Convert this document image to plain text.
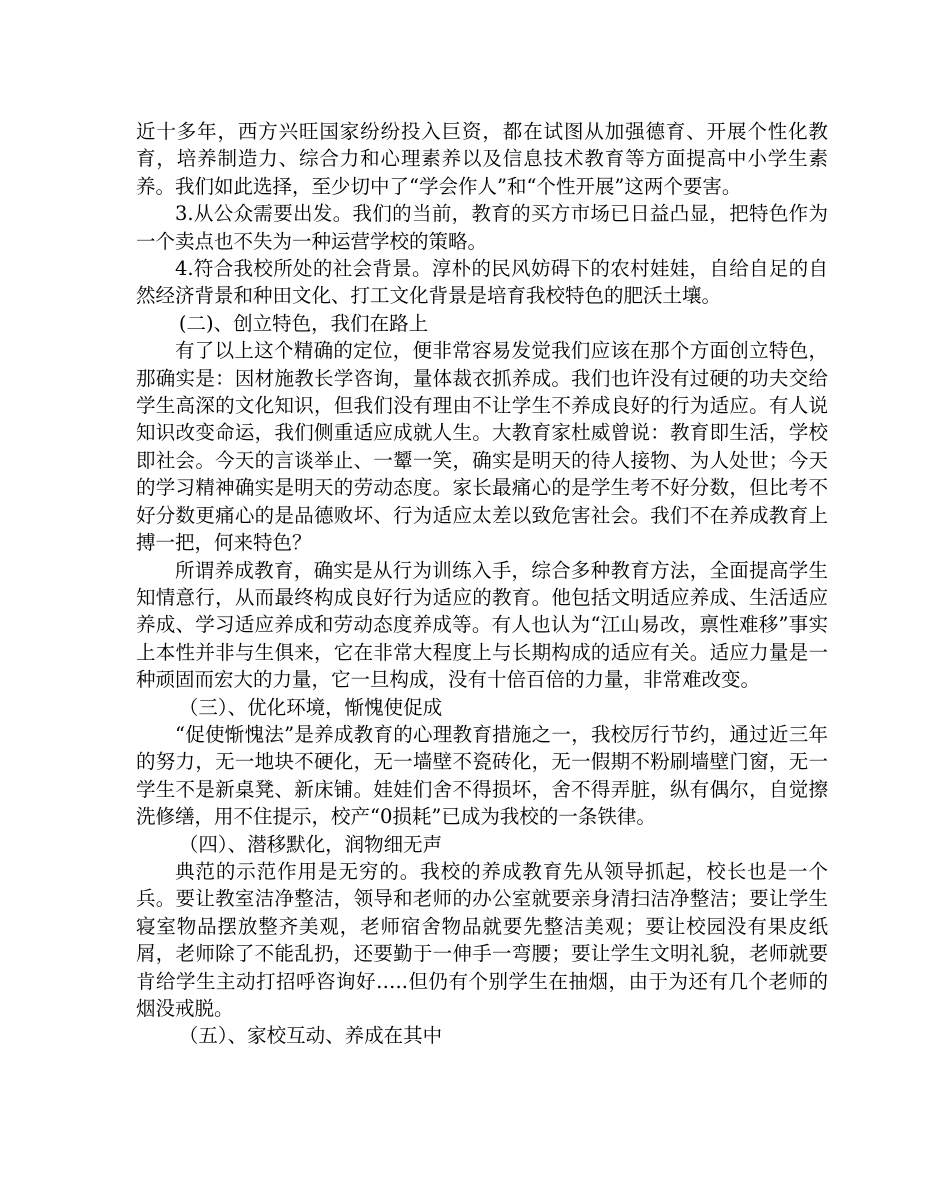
近十多年，西方兴旺国家纷纷投入巨资，都在试图从加强德育、开展个性化教育，培养制造力、综合力和心理素养以及信息技术教育等方面提高中小学生素养。我们如此选择，至少切中了“学会作人”和“个性开展”这两个要害。

3.从公众需要出发。我们的当前，教育的买方市场已日益凸显，把特色作为一个卖点也不失为一种运营学校的策略。

4.符合我校所处的社会背景。淳朴的民风妨碍下的农村娃娃，自给自足的自然经济背景和种田文化、打工文化背景是培育我校特色的肥沃土壤。

(二)、创立特色，我们在路上

有了以上这个精确的定位，便非常容易发觉我们应该在那个方面创立特色，那确实是：因材施教长学咨询，量体裁衣抓养成。我们也许没有过硬的功夫交给学生高深的文化知识，但我们没有理由不让学生不养成良好的行为适应。有人说知识改变命运，我们侧重适应成就人生。大教育家杜威曾说：教育即生活，学校即社会。今天的言谈举止、一颦一笑，确实是明天的待人接物、为人处世；今天的学习精神确实是明天的劳动态度。家长最痛心的是学生考不好分数，但比考不好分数更痛心的是品德败坏、行为适应太差以致危害社会。我们不在养成教育上搏一把，何来特色？

所谓养成教育，确实是从行为训练入手，综合多种教育方法，全面提高学生知情意行，从而最终构成良好行为适应的教育。他包括文明适应养成、生活适应养成、学习适应养成和劳动态度养成等。有人也认为“江山易改，禀性难移”事实上本性并非与生俱来，它在非常大程度上与长期构成的适应有关。适应力量是一种顽固而宏大的力量，它一旦构成，没有十倍百倍的力量，非常难改变。

（三）、优化环境，惭愧使促成

“促使惭愧法”是养成教育的心理教育措施之一，我校厉行节约，通过近三年的努力，无一地块不硬化，无一墙壁不瓷砖化，无一假期不粉刷墙壁门窗，无一学生不是新桌凳、新床铺。娃娃们舍不得损坏，舍不得弄脏，纵有偶尔，自觉擦洗修缮，用不住提示，校产“0损耗”已成为我校的一条铁律。

（四）、潜移默化，润物细无声

典范的示范作用是无穷的。我校的养成教育先从领导抓起，校长也是一个兵。要让教室洁净整洁，领导和老师的办公室就要亲身清扫洁净整洁；要让学生寝室物品摆放整齐美观，老师宿舍物品就要先整洁美观；要让校园没有果皮纸屑，老师除了不能乱扔，还要勤于一伸手一弯腰；要让学生文明礼貌，老师就要肯给学生主动打招呼咨询好…..但仍有个别学生在抽烟，由于为还有几个老师的烟没戒脱。

（五）、家校互动、养成在其中
